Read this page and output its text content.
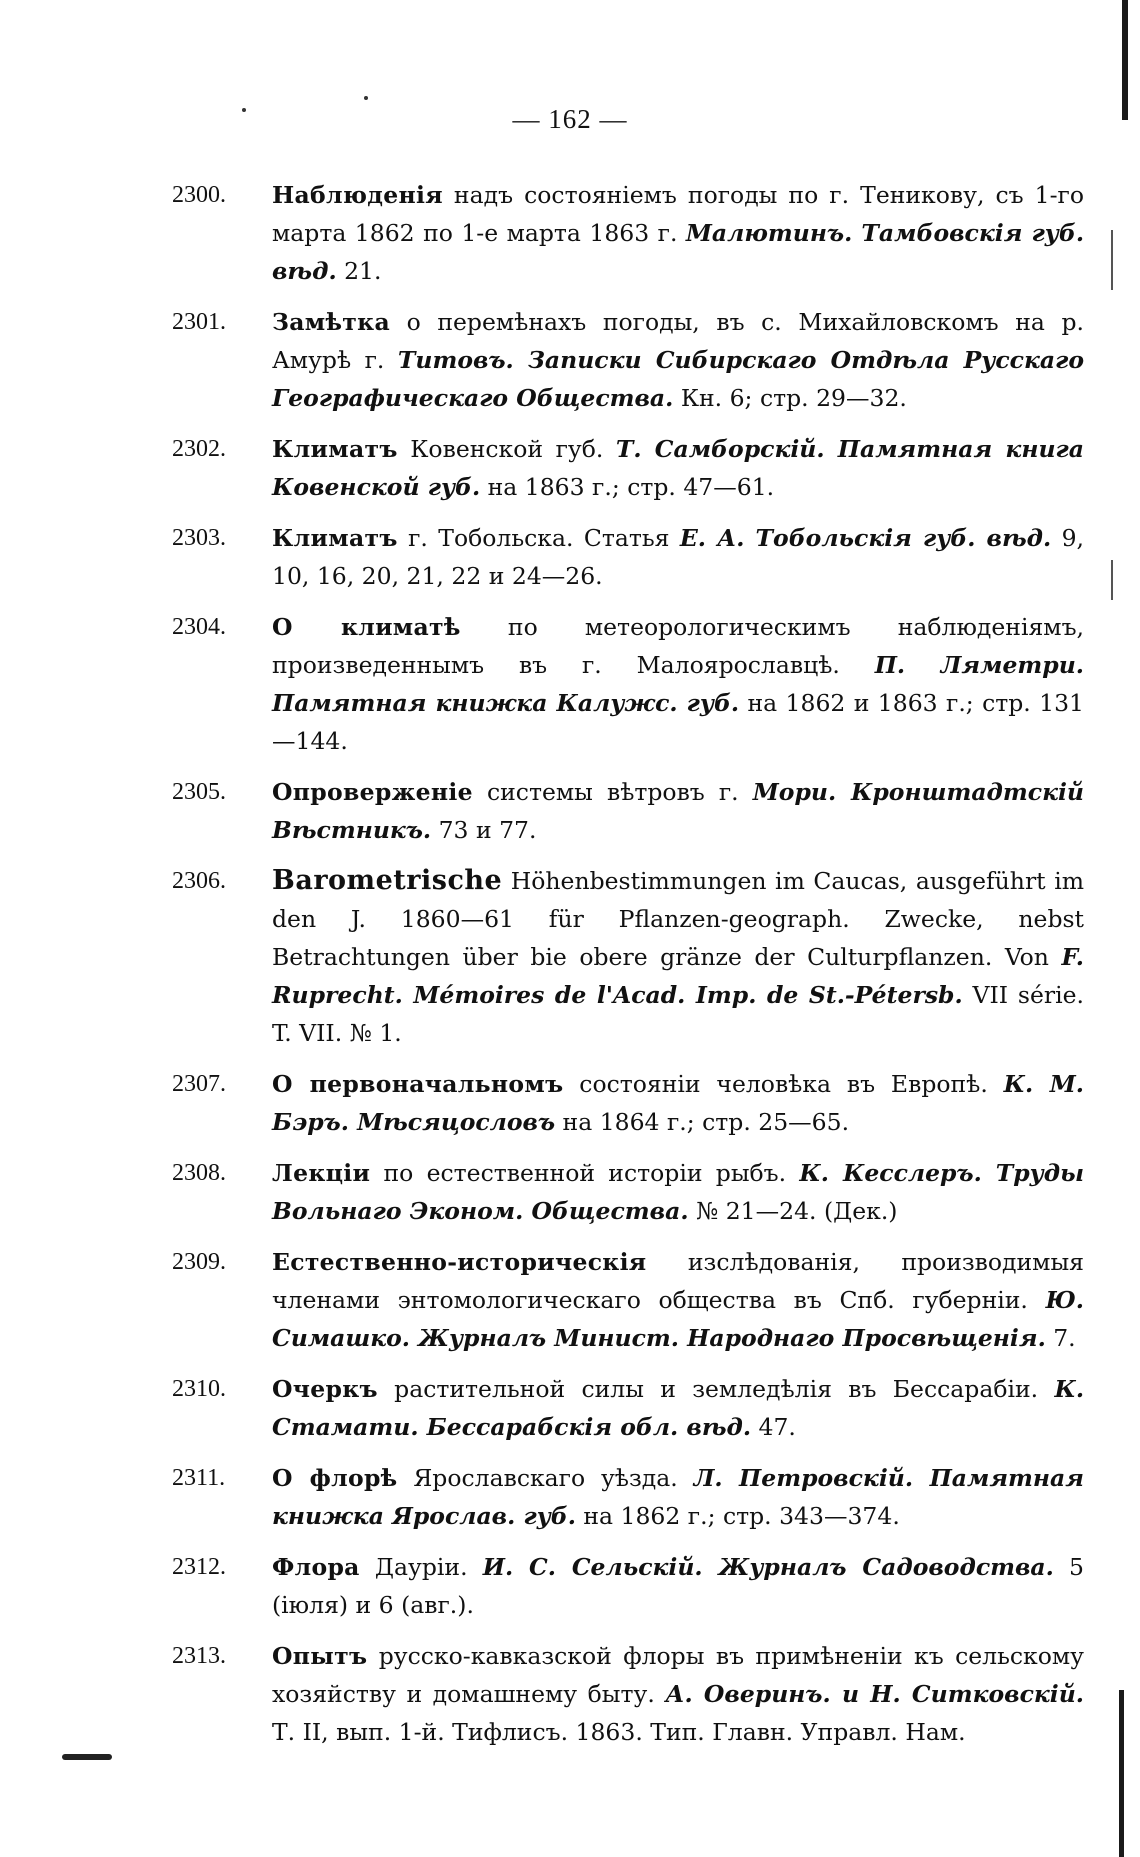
— 162 —
2300. Наблюденія надъ состояніемъ погоды по г. Теникову, съ 1-го марта 1862 по 1-е марта 1863 г. Малютинъ. Тамбовскія губ. вѣд. 21.
2301. Замѣтка о перемѣнахъ погоды, въ с. Михайловскомъ на р. Амурѣ г. Титовъ. Записки Сибирскаго Отдѣла Русскаго Географическаго Общества. Кн. 6; стр. 29—32.
2302. Климатъ Ковенской губ. Т. Самборскій. Памятная книга Ковенской губ. на 1863 г.; стр. 47—61.
2303. Климатъ г. Тобольска. Статья Е. А. Тобольскія губ. вѣд. 9, 10, 16, 20, 21, 22 и 24—26.
2304. О климатѣ по метеорологическимъ наблюденіямъ, произведеннымъ въ г. Малоярославцѣ. П. Ляметри. Памятная книжка Калужс. губ. на 1862 и 1863 г.; стр. 131—144.
2305. Опроверженіе системы вѣтровъ г. Мори. Кронштадтскій Вѣстникъ. 73 и 77.
2306. Barometrische Höhenbestimmungen im Caucas, ausgeführt im den J. 1860—61 für Pflanzen-geograph. Zwecke, nebst Betrachtungen über bie obere gränze der Culturpflanzen. Von F. Ruprecht. Mémoires de l'Acad. Imp. de St.-Pétersb. VII série. T. VII. № 1.
2307. О первоначальномъ состояніи человѣка въ Европѣ. К. М. Бэръ. Мѣсяцословъ на 1864 г.; стр. 25—65.
2308. Лекціи по естественной исторіи рыбъ. К. Кесслеръ. Труды Вольнаго Эконом. Общества. № 21—24. (Дек.)
2309. Естественно-историческія изслѣдованія, производимыя членами энтомологическаго общества въ Спб. губерніи. Ю. Симашко. Журналъ Минист. Народнаго Просвѣщенія. 7.
2310. Очеркъ растительной силы и земледѣлія въ Бессарабіи. К. Стамати. Бессарабскія обл. вѣд. 47.
2311. О флорѣ Ярославскаго уѣзда. Л. Петровскій. Памятная книжка Ярослав. губ. на 1862 г.; стр. 343—374.
2312. Флора Дауріи. И. С. Сельскій. Журналъ Садоводства. 5 (іюля) и 6 (авг.).
2313. Опытъ русско-кавказской флоры въ примѣненіи къ сельскому хозяйству и домашнему быту. А. Оверинъ. и Н. Ситковскій. Т. II, вып. 1-й. Тифлисъ. 1863. Тип. Главн. Управл. Нам.
